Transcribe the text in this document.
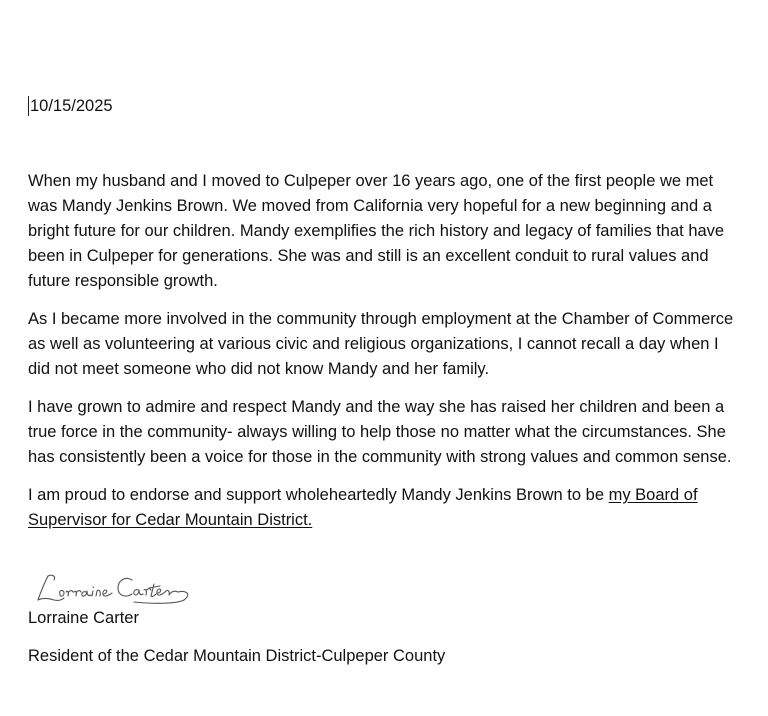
10/15/2025

When my husband and I moved to Culpeper over 16 years ago, one of the first people we met was Mandy Jenkins Brown. We moved from California very hopeful for a new beginning and a bright future for our children. Mandy exemplifies the rich history and legacy of families that have been in Culpeper for generations. She was and still is an excellent conduit to rural values and future responsible growth.

As I became more involved in the community through employment at the Chamber of Commerce as well as volunteering at various civic and religious organizations, I cannot recall a day when I did not meet someone who did not know Mandy and her family.

I have grown to admire and respect Mandy and the way she has raised her children and been a true force in the community- always willing to help those no matter what the circumstances. She has consistently been a voice for those in the community with strong values and common sense.

I am proud to endorse and support wholeheartedly Mandy Jenkins Brown to be my Board of Supervisor for Cedar Mountain District.

Lorraine Carter
Resident of the Cedar Mountain District-Culpeper County
